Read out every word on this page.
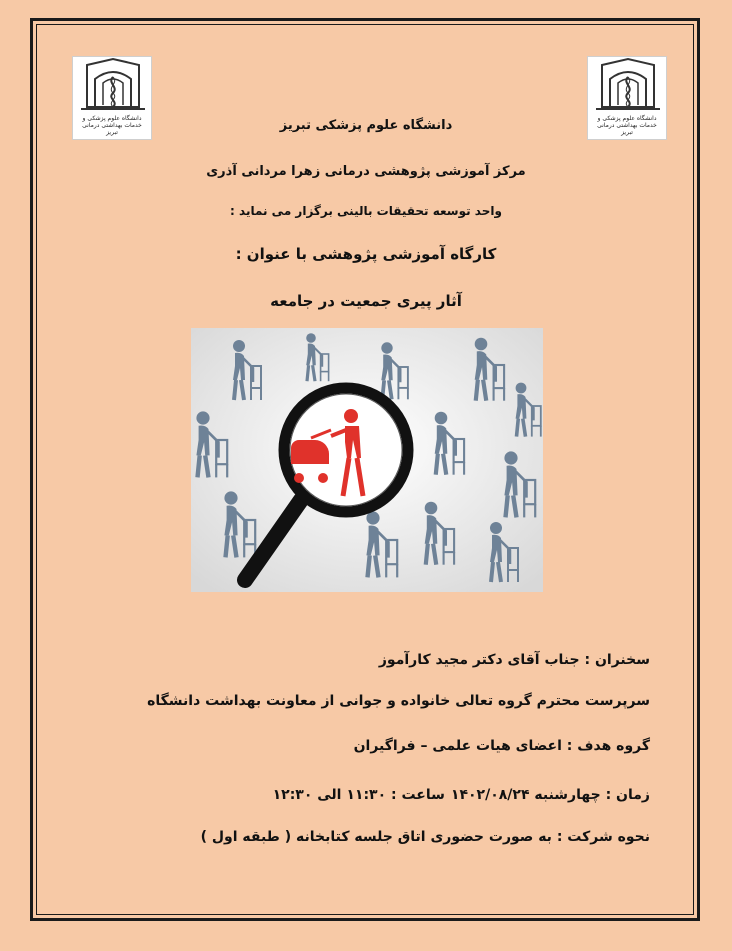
دانشگاه علوم پزشکی و خدمات بهداشتی درمانی تبریز
دانشگاه علوم پزشکی و خدمات بهداشتی درمانی تبریز
دانشگاه علوم پزشکی تبریز
مرکز آموزشی پژوهشی درمانی زهرا مردانی آذری
واحد توسعه تحقیقات بالینی برگزار می نماید :
کارگاه آموزشی پژوهشی با عنوان :
آثار پیری جمعیت در جامعه
سخنران : جناب آقای دکتر مجید کارآموز
سرپرست محترم گروه تعالی خانواده و جوانی از معاونت بهداشت دانشگاه
گروه هدف : اعضای هیات علمی – فراگیران
زمان : چهارشنبه ۱۴۰۲/۰۸/۲۴ساعت : ۱۱:۳۰ الی ۱۲:۳۰
نحوه شرکت : به صورت حضوری اتاق جلسه کتابخانه ( طبقه اول )
